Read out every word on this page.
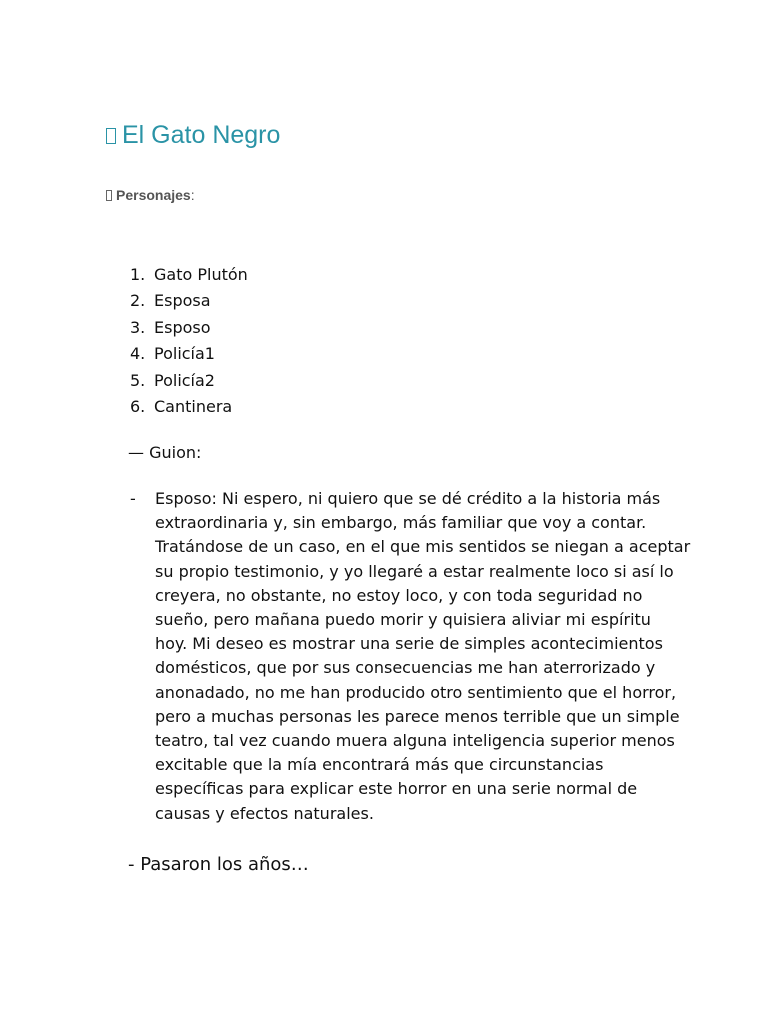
El Gato Negro
Personajes:
1. Gato Plutón
2. Esposa
3. Esposo
4. Policía1
5. Policía2
6. Cantinera
— Guion:
- Esposo: Ni espero, ni quiero que se dé crédito a la historia más
extraordinaria y, sin embargo, más familiar que voy a contar.
Tratándose de un caso, en el que mis sentidos se niegan a aceptar
su propio testimonio, y yo llegaré a estar realmente loco si así lo
creyera, no obstante, no estoy loco, y con toda seguridad no
sueño, pero mañana puedo morir y quisiera aliviar mi espíritu
hoy. Mi deseo es mostrar una serie de simples acontecimientos
domésticos, que por sus consecuencias me han aterrorizado y
anonadado, no me han producido otro sentimiento que el horror,
pero a muchas personas les parece menos terrible que un simple
teatro, tal vez cuando muera alguna inteligencia superior menos
excitable que la mía encontrará más que circunstancias
específicas para explicar este horror en una serie normal de
causas y efectos naturales.
- Pasaron los años…
